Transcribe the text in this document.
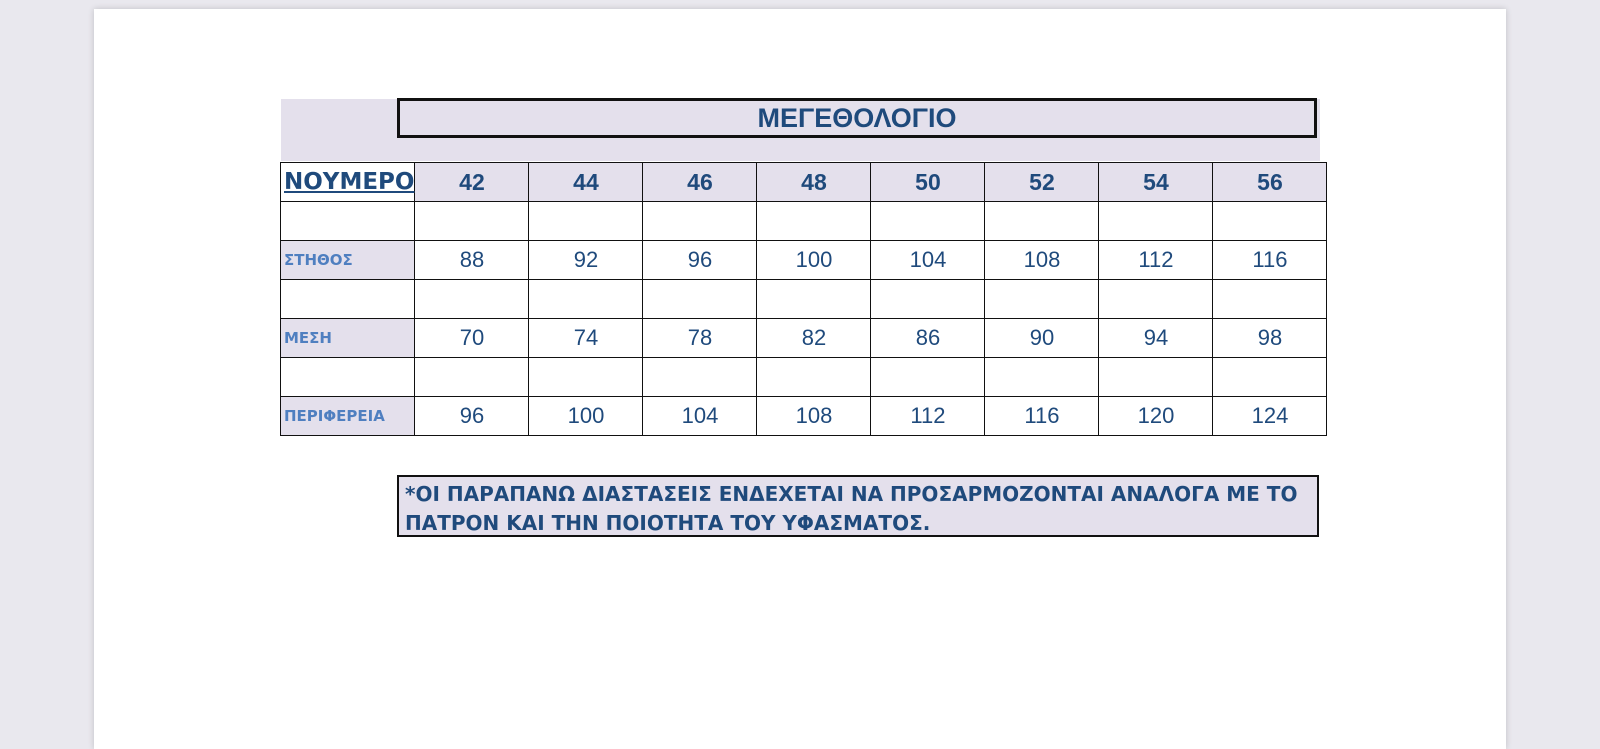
ΜΕΓΕΘΟΛΟΓΙΟ
ΝΟΥΜΕΡΟ	42	44	46	48	50	52	54	56

ΣΤΗΘΟΣ	88	92	96	100	104	108	112	116

ΜΕΣΗ	70	74	78	82	86	90	94	98

ΠΕΡΙΦΕΡΕΙΑ	96	100	104	108	112	116	120	124
*ΟΙ ΠΑΡΑΠΑΝΩ ΔΙΑΣΤΑΣΕΙΣ ΕΝΔΕΧΕΤΑΙ ΝΑ ΠΡΟΣΑΡΜΟΖΟΝΤΑΙ ΑΝΑΛΟΓΑ ΜΕ ΤΟ ΠΑΤΡΟΝ ΚΑΙ ΤΗΝ ΠΟΙΟΤΗΤΑ ΤΟΥ ΥΦΑΣΜΑΤΟΣ.
